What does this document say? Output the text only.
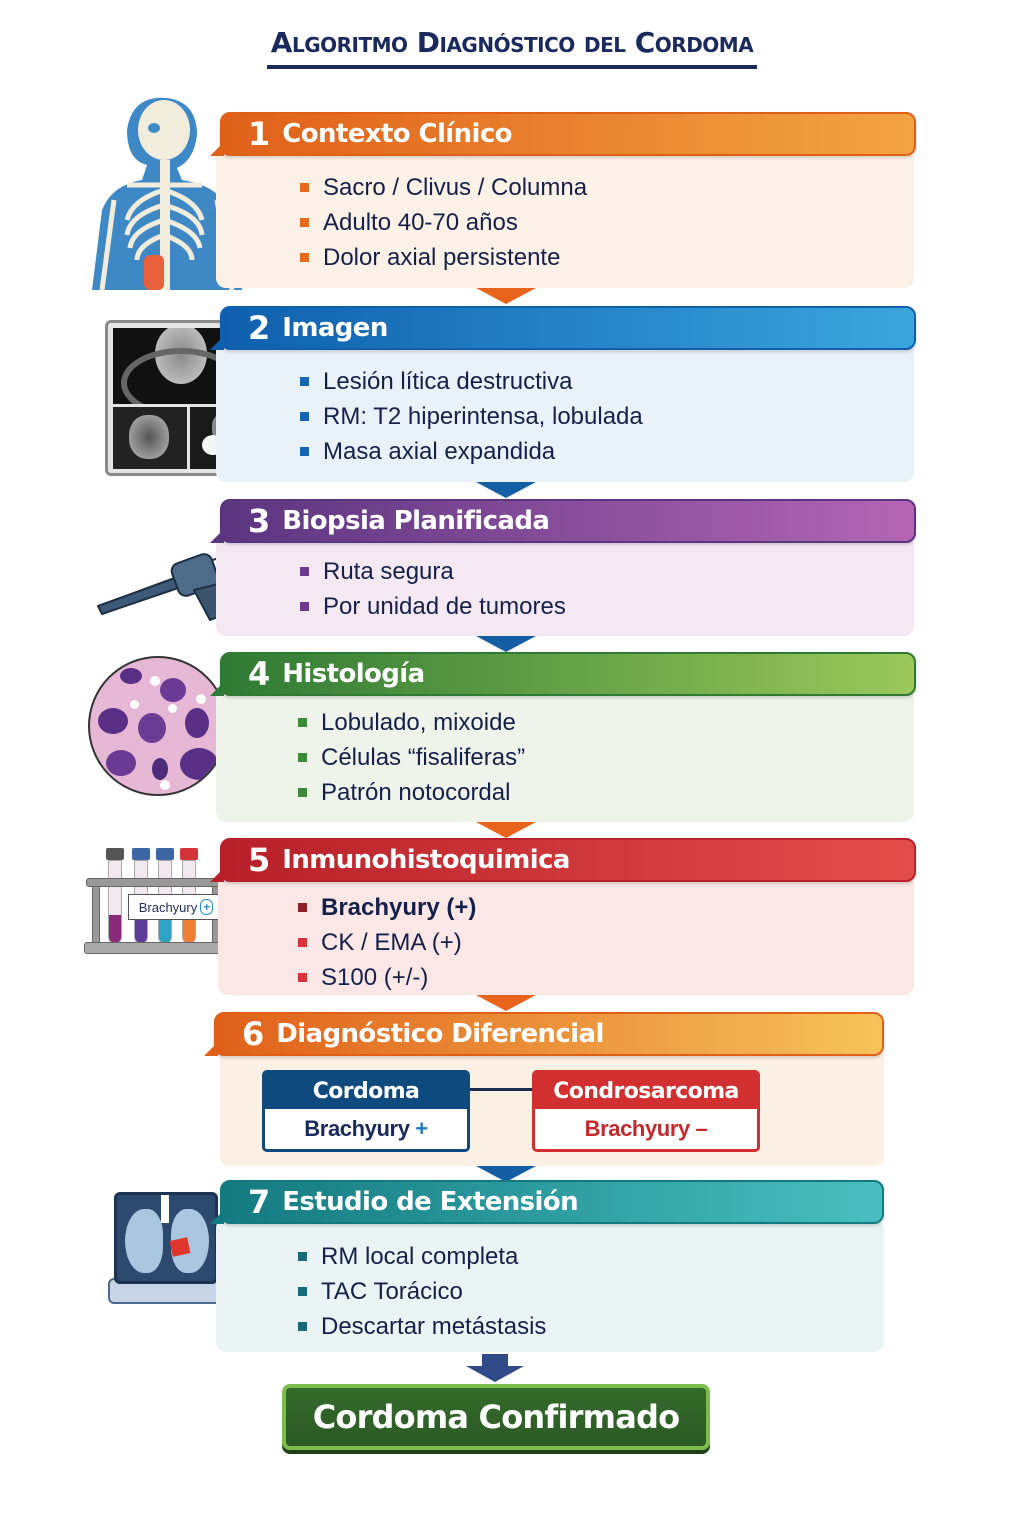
Algoritmo Diagnóstico del Cordoma
1 Contexto Clínico
Sacro / Clivus / Columna
Adulto 40-70 años
Dolor axial persistente
2 Imagen
Lesión lítica destructiva
RM: T2 hiperintensa, lobulada
Masa axial expandida
3 Biopsia Planificada
Ruta segura
Por unidad de tumores
4 Histología
Lobulado, mixoide
Células “fisaliferas”
Patrón notocordal
Brachyury +
5 Inmunohistoquimica
Brachyury (+)
CK / EMA (+)
S100 (+/-)
6 Diagnóstico Diferencial
Cordoma
Brachyury
+
Condrosarcoma
Brachyury
–
7 Estudio de Extensión
RM local completa
TAC Torácico
Descartar metástasis
Cordoma Confirmado
